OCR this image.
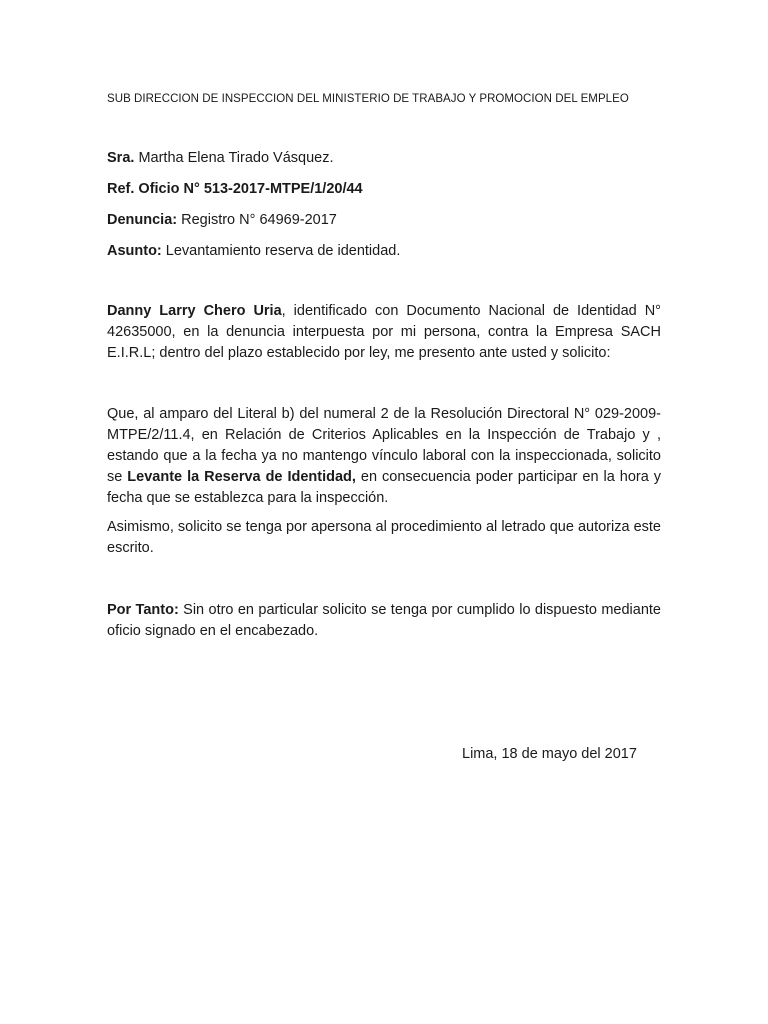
SUB DIRECCION DE INSPECCION DEL MINISTERIO DE TRABAJO Y PROMOCION DEL EMPLEO
Sra. Martha Elena Tirado Vásquez.
Ref. Oficio N° 513-2017-MTPE/1/20/44
Denuncia: Registro N° 64969-2017
Asunto: Levantamiento reserva de identidad.
Danny Larry Chero Uria, identificado con Documento Nacional de Identidad N° 42635000, en la denuncia interpuesta por mi persona, contra la Empresa SACH E.I.R.L; dentro del plazo establecido por ley, me presento ante usted y solicito:
Que, al amparo del Literal b) del numeral 2 de la Resolución Directoral N° 029-2009-MTPE/2/11.4, en Relación de Criterios Aplicables en la Inspección de Trabajo y , estando que a la fecha ya no mantengo vínculo laboral con la inspeccionada, solicito se Levante la Reserva de Identidad, en consecuencia poder participar en la hora y fecha que se establezca para la inspección.
Asimismo, solicito se tenga por apersona al procedimiento al letrado que autoriza este escrito.
Por Tanto: Sin otro en particular solicito se tenga por cumplido lo dispuesto mediante oficio signado en el encabezado.
Lima, 18 de mayo del 2017
